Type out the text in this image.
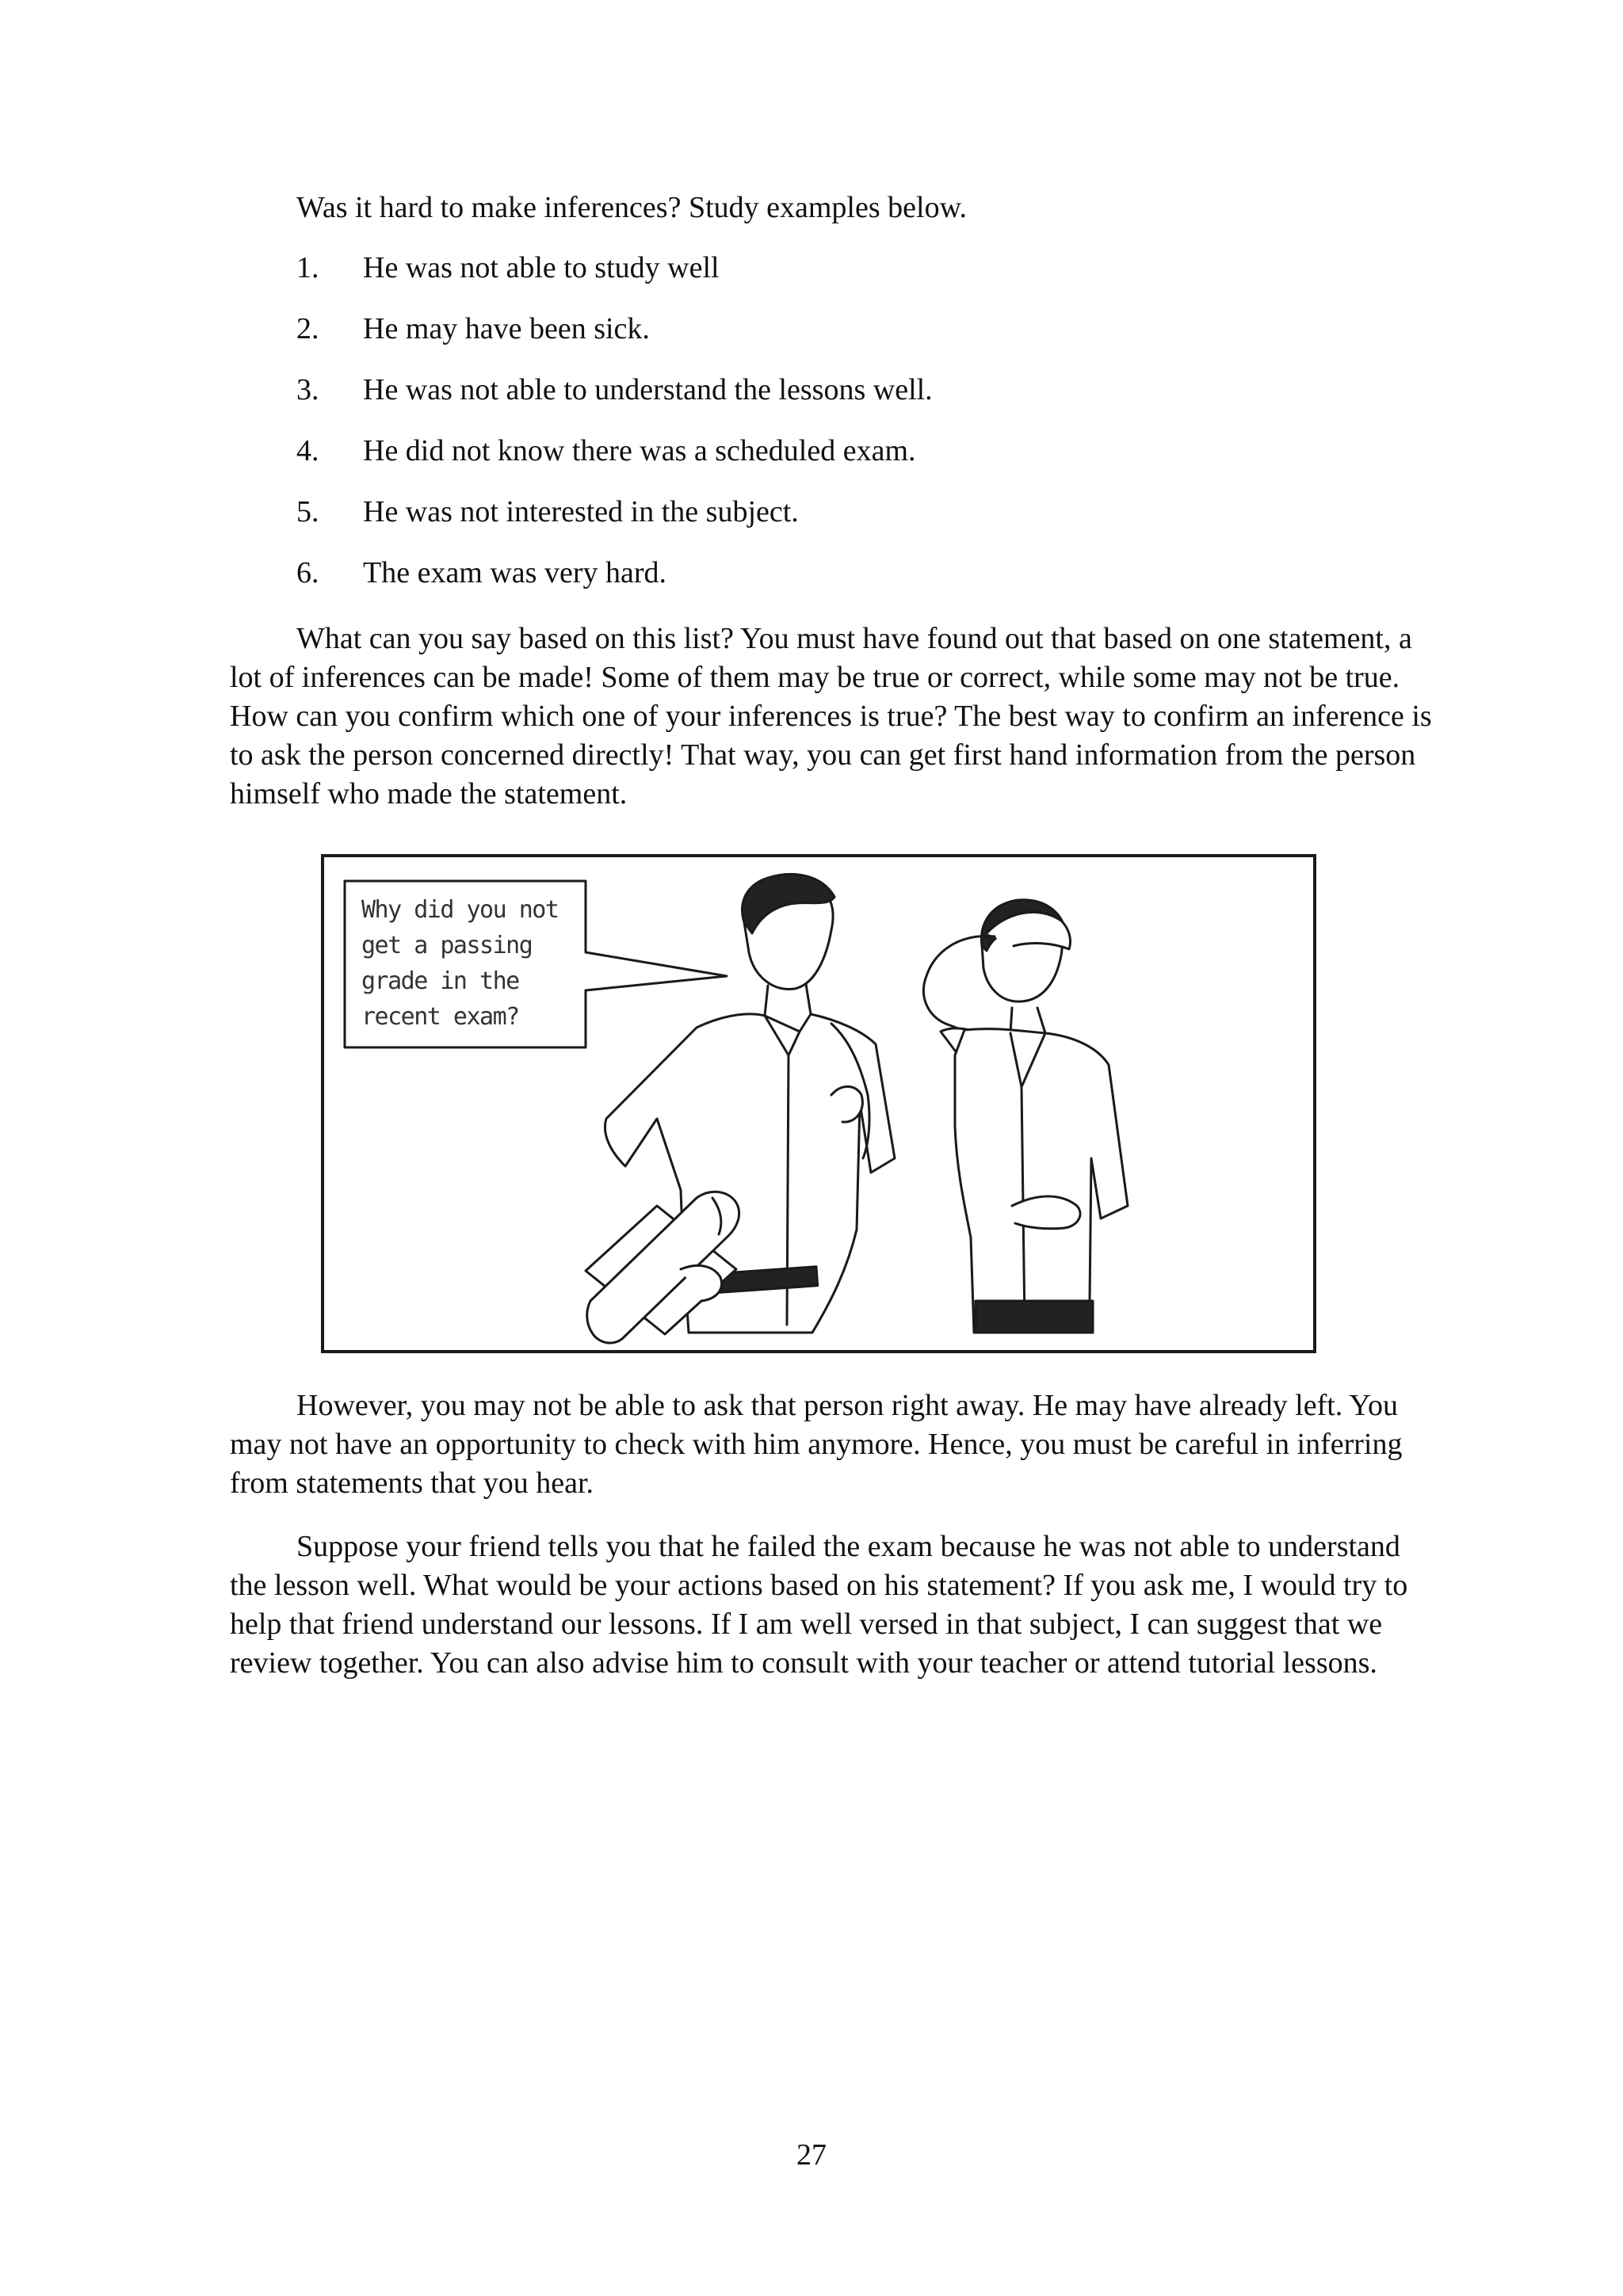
Was it hard to make inferences? Study examples below.
1. He was not able to study well
2. He may have been sick.
3. He was not able to understand the lessons well.
4. He did not know there was a scheduled exam.
5. He was not interested in the subject.
6. The exam was very hard.
What can you say based on this list? You must have found out that based on one statement, a lot of inferences can be made! Some of them may be true or correct, while some may not be true. How can you confirm which one of your inferences is true? The best way to confirm an inference is to ask the person concerned directly! That way, you can get first hand information from the person himself who made the statement.
Why did you not
get a passing
grade in the
recent exam?
However, you may not be able to ask that person right away. He may have already left. You may not have an opportunity to check with him anymore. Hence, you must be careful in inferring from statements that you hear.
Suppose your friend tells you that he failed the exam because he was not able to understand the lesson well. What would be your actions based on his statement? If you ask me, I would try to help that friend understand our lessons. If I am well versed in that subject, I can suggest that we review together. You can also advise him to consult with your teacher or attend tutorial lessons.
27
